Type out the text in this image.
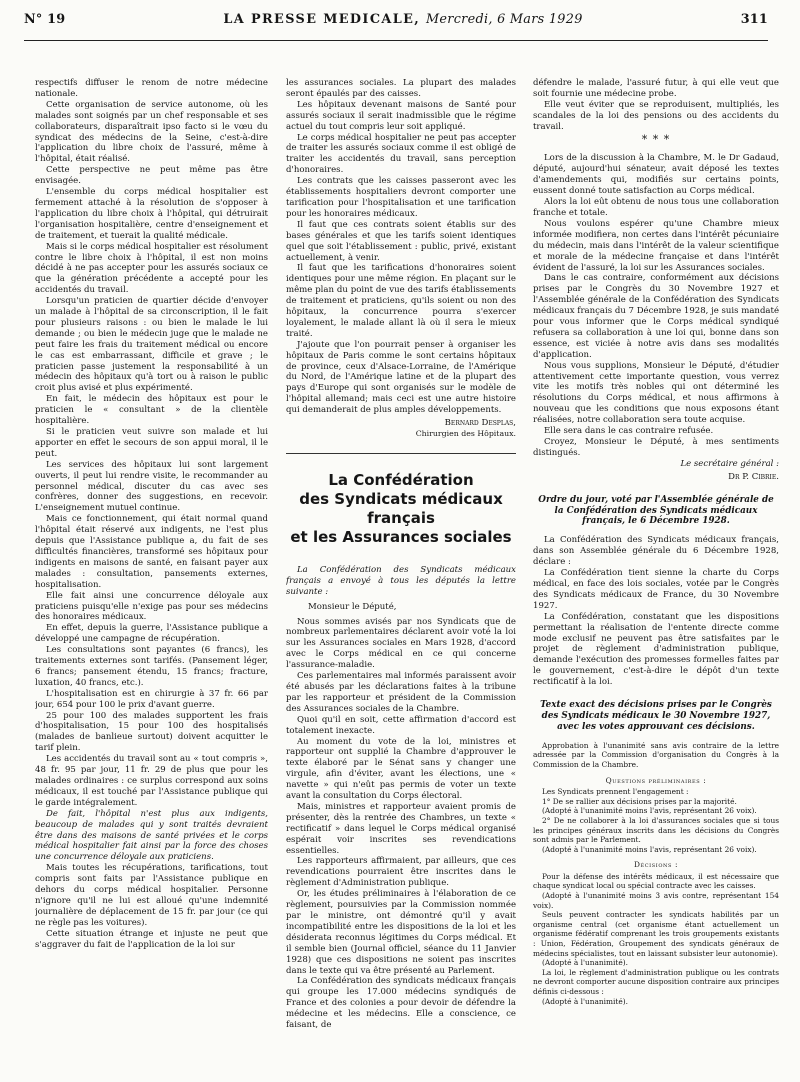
N° 19	LA PRESSE MEDICALE, Mercredi, 6 Mars 1929	311

respectifs diffuser le renom de notre médecine nationale.

Cette organisation de service autonome, où les malades sont soignés par un chef responsable et ses collaborateurs, disparaîtrait ipso facto si le vœu du syndicat des médecins de la Seine, c'est-à-dire l'application du libre choix de l'assuré, même à l'hôpital, était réalisé.

Cette perspective ne peut même pas être envisagée.

L'ensemble du corps médical hospitalier est fermement attaché à la résolution de s'opposer à l'application du libre choix à l'hôpital, qui détruirait l'organisation hospitalière, centre d'enseignement et de traitement, et tuerait la qualité médicale.

Mais si le corps médical hospitalier est résolument contre le libre choix à l'hôpital, il est non moins décidé à ne pas accepter pour les assurés sociaux ce que la génération précédente a accepté pour les accidentés du travail.

Lorsqu'un praticien de quartier décide d'envoyer un malade à l'hôpital de sa circonscription, il le fait pour plusieurs raisons : ou bien le malade le lui demande ; ou bien le médecin juge que le malade ne peut faire les frais du traitement médical ou encore le cas est embarrassant, difficile et grave ; le praticien passe justement la responsabilité à un médecin des hôpitaux qu'à tort ou à raison le public croit plus avisé et plus expérimenté.

En fait, le médecin des hôpitaux est pour le praticien le « consultant » de la clientèle hospitalière.

Si le praticien veut suivre son malade et lui apporter en effet le secours de son appui moral, il le peut.

Les services des hôpitaux lui sont largement ouverts, il peut lui rendre visite, le recommander au personnel médical, discuter du cas avec ses confrères, donner des suggestions, en recevoir. L'enseignement mutuel continue.

Mais ce fonctionnement, qui était normal quand l'hôpital était réservé aux indigents, ne l'est plus depuis que l'Assistance publique a, du fait de ses difficultés financières, transformé ses hôpitaux pour indigents en maisons de santé, en faisant payer aux malades : consultation, pansements externes, hospitalisation.

Elle fait ainsi une concurrence déloyale aux praticiens puisqu'elle n'exige pas pour ses médecins des honoraires médicaux.

En effet, depuis la guerre, l'Assistance publique a développé une campagne de récupération.

Les consultations sont payantes (6 francs), les traitements externes sont tarifés. (Pansement léger, 6 francs; pansement étendu, 15 francs; fracture, luxation, 40 francs, etc.).

L'hospitalisation est en chirurgie à 37 fr. 66 par jour, 654 pour 100 le prix d'avant guerre.

25 pour 100 des malades supportent les frais d'hospitalisation, 15 pour 100 des hospitalisés (malades de banlieue surtout) doivent acquitter le tarif plein.

Les accidentés du travail sont au « tout compris », 48 fr. 95 par jour, 11 fr. 29 de plus que pour les malades ordinaires : ce surplus correspond aux soins médicaux, il est touché par l'Assistance publique qui le garde intégralement.

De fait, l'hôpital n'est plus aux indigents, beaucoup de malades qui y sont traités devraient être dans des maisons de santé privées et le corps médical hospitalier fait ainsi par la force des choses une concurrence déloyale aux praticiens.

Mais toutes les récupérations, tarifications, tout compris sont faits par l'Assistance publique en dehors du corps médical hospitalier. Personne n'ignore qu'il ne lui est alloué qu'une indemnité journalière de déplacement de 15 fr. par jour (ce qui ne règle pas les voitures).

Cette situation étrange et injuste ne peut que s'aggraver du fait de l'application de la loi sur

les assurances sociales. La plupart des malades seront épaulés par des caisses.

Les hôpitaux devenant maisons de Santé pour assurés sociaux il serait inadmissible que le régime actuel du tout compris leur soit appliqué.

Le corps médical hospitalier ne peut pas accepter de traiter les assurés sociaux comme il est obligé de traiter les accidentés du travail, sans perception d'honoraires.

Les contrats que les caisses passeront avec les établissements hospitaliers devront comporter une tarification pour l'hospitalisation et une tarification pour les honoraires médicaux.

Il faut que ces contrats soient établis sur des bases générales et que les tarifs soient identiques quel que soit l'établissement : public, privé, existant actuellement, à venir.

Il faut que les tarifications d'honoraires soient identiques pour une même région. En plaçant sur le même plan du point de vue des tarifs établissements de traitement et praticiens, qu'ils soient ou non des hôpitaux, la concurrence pourra s'exercer loyalement, le malade allant là où il sera le mieux traité.

J'ajoute que l'on pourrait penser à organiser les hôpitaux de Paris comme le sont certains hôpitaux de province, ceux d'Alsace-Lorraine, de l'Amérique du Nord, de l'Amérique latine et de la plupart des pays d'Europe qui sont organisés sur le modèle de l'hôpital allemand; mais ceci est une autre histoire qui demanderait de plus amples développements.

Bernard Desplas,

Chirurgien des Hôpitaux.

La Confédération
des Syndicats médicaux français
et les Assurances sociales

La Confédération des Syndicats médicaux français a envoyé à tous les députés la lettre suivante :

Monsieur le Député,

Nous sommes avisés par nos Syndicats que de nombreux parlementaires déclarent avoir voté la loi sur les Assurances sociales en Mars 1928, d'accord avec le Corps médical en ce qui concerne l'assurance-maladie.

Ces parlementaires mal informés paraissent avoir été abusés par les déclarations faites à la tribune par les rapporteur et président de la Commission des Assurances sociales de la Chambre.

Quoi qu'il en soit, cette affirmation d'accord est totalement inexacte.

Au moment du vote de la loi, ministres et rapporteur ont supplié la Chambre d'approuver le texte élaboré par le Sénat sans y changer une virgule, afin d'éviter, avant les élections, une « navette » qui n'eût pas permis de voter un texte avant la consultation du Corps électoral.

Mais, ministres et rapporteur avaient promis de présenter, dès la rentrée des Chambres, un texte « rectificatif » dans lequel le Corps médical organisé espérait voir inscrites ses revendications essentielles.

Les rapporteurs affirmaient, par ailleurs, que ces revendications pourraient être inscrites dans le règlement d'Administration publique.

Or, les études préliminaires à l'élaboration de ce règlement, poursuivies par la Commission nommée par le ministre, ont démontré qu'il y avait incompatibilité entre les dispositions de la loi et les désiderata reconnus légitimes du Corps médical. Et il semble bien (Journal officiel, séance du 11 Janvier 1928) que ces dispositions ne soient pas inscrites dans le texte qui va être présenté au Parlement.

La Confédération des syndicats médicaux français qui groupe les 17.000 médecins syndiqués de France et des colonies a pour devoir de défendre la médecine et les médecins. Elle a conscience, ce faisant, de

défendre le malade, l'assuré futur, à qui elle veut que soit fournie une médecine probe.

Elle veut éviter que se reproduisent, multipliés, les scandales de la loi des pensions ou des accidents du travail.

* * *

Lors de la discussion à la Chambre, M. le Dr Gadaud, député, aujourd'hui sénateur, avait déposé les textes d'amendements qui, modifiés sur certains points, eussent donné toute satisfaction au Corps médical.

Alors la loi eût obtenu de nous tous une collaboration franche et totale.

Nous voulons espérer qu'une Chambre mieux informée modifiera, non certes dans l'intérêt pécuniaire du médecin, mais dans l'intérêt de la valeur scientifique et morale de la médecine française et dans l'intérêt évident de l'assuré, la loi sur les Assurances sociales.

Dans le cas contraire, conformément aux décisions prises par le Congrès du 30 Novembre 1927 et l'Assemblée générale de la Confédération des Syndicats médicaux français du 7 Décembre 1928, je suis mandaté pour vous informer que le Corps médical syndiqué refusera sa collaboration à une loi qui, bonne dans son essence, est viciée à notre avis dans ses modalités d'application.

Nous vous supplions, Monsieur le Député, d'étudier attentivement cette importante question, vous verrez vite les motifs très nobles qui ont déterminé les résolutions du Corps médical, et nous affirmons à nouveau que les conditions que nous exposons étant réalisées, notre collaboration sera toute acquise.

Elle sera dans le cas contraire refusée.

Croyez, Monsieur le Député, à mes sentiments distingués.

Le secrétaire général :

Dr P. Cibrie.

Ordre du jour, voté par l'Assemblée générale de la Confédération des Syndicats médicaux français, le 6 Décembre 1928.

La Confédération des Syndicats médicaux français, dans son Assemblée générale du 6 Décembre 1928, déclare :

La Confédération tient sienne la charte du Corps médical, en face des lois sociales, votée par le Congrès des Syndicats médicaux de France, du 30 Novembre 1927.

La Confédération, constatant que les dispositions permettant la réalisation de l'entente directe comme mode exclusif ne peuvent pas être satisfaites par le projet de règlement d'administration publique, demande l'exécution des promesses formelles faites par le gouvernement, c'est-à-dire le dépôt d'un texte rectificatif à la loi.

Texte exact des décisions prises par le Congrès des Syndicats médicaux le 30 Novembre 1927, avec les votes approuvant ces décisions.

Approbation à l'unanimité sans avis contraire de la lettre adressée par la Commission d'organisation du Congrès à la Commission de la Chambre.

Questions préliminaires :

Les Syndicats prennent l'engagement :

1° De se rallier aux décisions prises par la majorité.

(Adopté à l'unanimité moins l'avis, représentant 26 voix).

2° De ne collaborer à la loi d'assurances sociales que si tous les principes généraux inscrits dans les décisions du Congrès sont admis par le Parlement.

(Adopté à l'unanimité moins l'avis, représentant 26 voix).

Décisions :

Pour la défense des intérêts médicaux, il est nécessaire que chaque syndicat local ou spécial contracte avec les caisses.

(Adopté à l'unanimité moins 3 avis contre, représentant 154 voix).

Seuls peuvent contracter les syndicats habilités par un organisme central (cet organisme étant actuellement un organisme fédératif comprenant les trois groupements existants : Union, Fédération, Groupement des syndicats généraux de médecins spécialistes, tout en laissant subsister leur autonomie).

(Adopté à l'unanimité).

La loi, le règlement d'administration publique ou les contrats ne devront comporter aucune disposition contraire aux principes définis ci-dessous :

(Adopté à l'unanimité).
